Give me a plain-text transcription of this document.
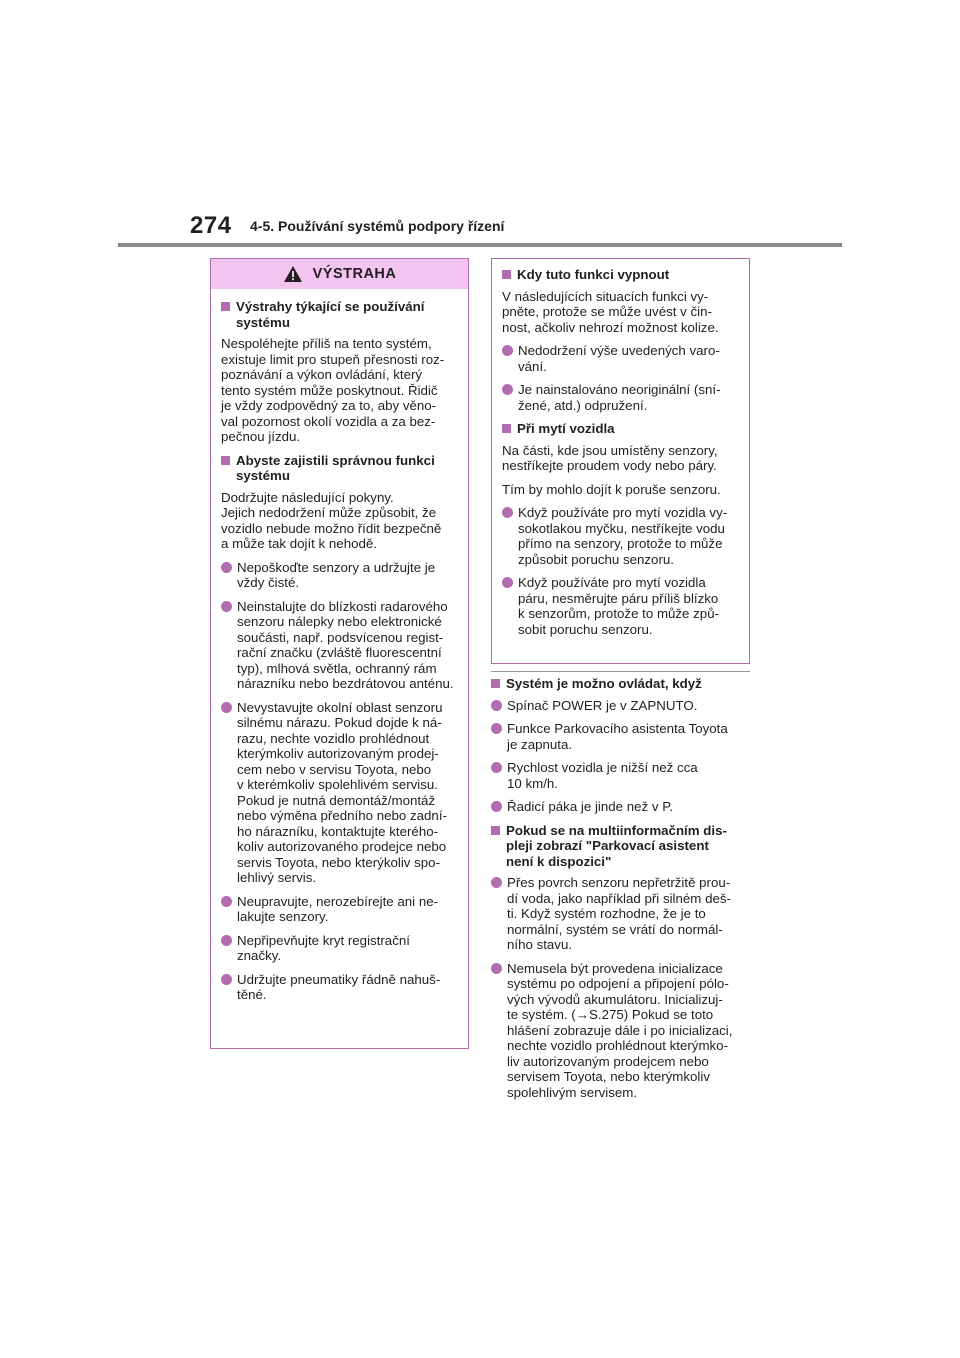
274 4-5. Používání systémů podpory řízení
VÝSTRAHA
Výstrahy týkající se používání
systému
Nespoléhejte příliš na tento systém,
existuje limit pro stupeň přesnosti roz-
poznávání a výkon ovládání, který
tento systém může poskytnout. Řidič
je vždy zodpovědný za to, aby věno-
val pozornost okolí vozidla a za bez-
pečnou jízdu.
Abyste zajistili správnou funkci
systému
Dodržujte následující pokyny.
Jejich nedodržení může způsobit, že
vozidlo nebude možno řídit bezpečně
a může tak dojít k nehodě.
Nepoškoďte senzory a udržujte je
vždy čisté.
Neinstalujte do blízkosti radarového
senzoru nálepky nebo elektronické
součásti, např. podsvícenou regist-
rační značku (zvláště fluorescentní
typ), mlhová světla, ochranný rám
nárazníku nebo bezdrátovou anténu.
Nevystavujte okolní oblast senzoru
silnému nárazu. Pokud dojde k ná-
razu, nechte vozidlo prohlédnout
kterýmkoliv autorizovaným prodej-
cem nebo v servisu Toyota, nebo
v kterémkoliv spolehlivém servisu.
Pokud je nutná demontáž/montáž
nebo výměna předního nebo zadní-
ho nárazníku, kontaktujte kterého-
koliv autorizovaného prodejce nebo
servis Toyota, nebo kterýkoliv spo-
lehlivý servis.
Neupravujte, nerozebírejte ani ne-
lakujte senzory.
Nepřipevňujte kryt registrační
značky.
Udržujte pneumatiky řádně nahuš-
těné.
Kdy tuto funkci vypnout
V následujících situacích funkci vy-
pněte, protože se může uvést v čin-
nost, ačkoliv nehrozí možnost kolize.
Nedodržení výše uvedených varo-
vání.
Je nainstalováno neoriginální (sní-
žené, atd.) odpružení.
Při mytí vozidla
Na části, kde jsou umístěny senzory,
nestříkejte proudem vody nebo páry.
Tím by mohlo dojít k poruše senzoru.
Když používáte pro mytí vozidla vy-
sokotlakou myčku, nestříkejte vodu
přímo na senzory, protože to může
způsobit poruchu senzoru.
Když používáte pro mytí vozidla
páru, nesměrujte páru příliš blízko
k senzorům, protože to může způ-
sobit poruchu senzoru.
Systém je možno ovládat, když
Spínač POWER je v ZAPNUTO.
Funkce Parkovacího asistenta Toyota
je zapnuta.
Rychlost vozidla je nižší než cca
10 km/h.
Řadicí páka je jinde než v P.
Pokud se na multiinformačním dis-
pleji zobrazí "Parkovací asistent
není k dispozici"
Přes povrch senzoru nepřetržitě prou-
dí voda, jako například při silném deš-
ti. Když systém rozhodne, že je to
normální, systém se vrátí do normál-
ního stavu.
Nemusela být provedena inicializace
systému po odpojení a připojení pólo-
vých vývodů akumulátoru. Inicializuj-
te systém. (→S.275) Pokud se toto
hlášení zobrazuje dále i po inicializaci,
nechte vozidlo prohlédnout kterýmko-
liv autorizovaným prodejcem nebo
servisem Toyota, nebo kterýmkoliv
spolehlivým servisem.
